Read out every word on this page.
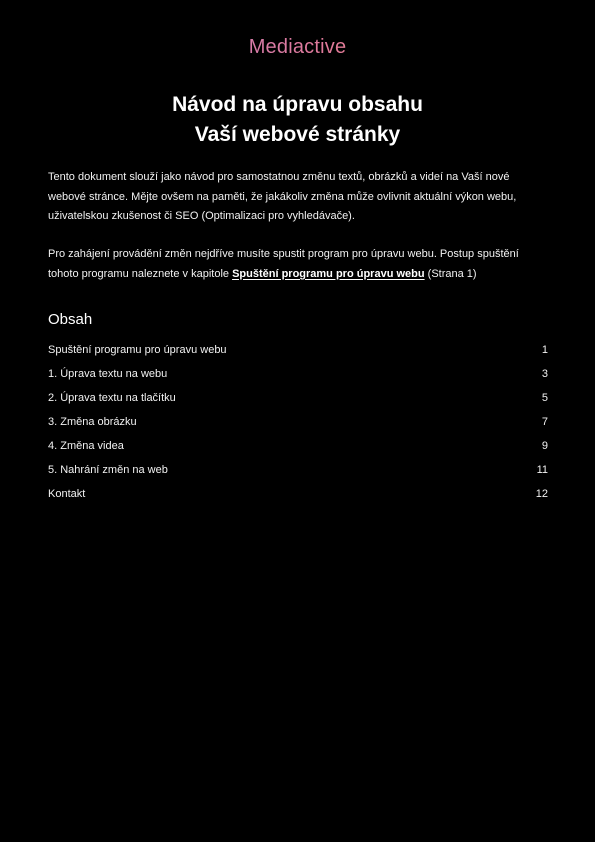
Mediactive
Návod na úpravu obsahu
Vaší webové stránky

Tento dokument slouží jako návod pro samostatnou změnu textů, obrázků a videí na Vaší nové webové stránce. Mějte ovšem na paměti, že jakákoliv změna může ovlivnit aktuální výkon webu, uživatelskou zkušenost či SEO (Optimalizaci pro vyhledávače).

Pro zahájení provádění změn nejdříve musíte spustit program pro úpravu webu. Postup spuštění tohoto programu naleznete v kapitole Spuštění programu pro úpravu webu (Strana 1)

Obsah
Spuštění programu pro úpravu webu	1
1. Úprava textu na webu	3
2. Úprava textu na tlačítku	5
3. Změna obrázku	7
4. Změna videa	9
5. Nahrání změn na web	11
Kontakt	12
